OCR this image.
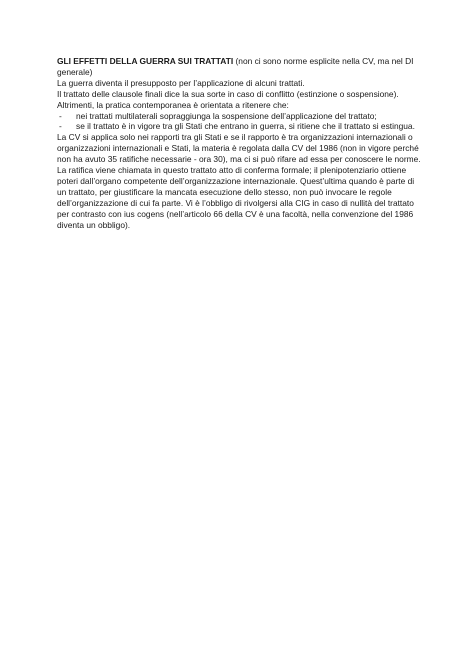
GLI EFFETTI DELLA GUERRA SUI TRATTATI (non ci sono norme esplicite nella CV, ma nel DI generale)

La guerra diventa il presupposto per l’applicazione di alcuni trattati.

Il trattato delle clausole finali dice la sua sorte in caso di conflitto (estinzione o sospensione).

Altrimenti, la pratica contemporanea è orientata a ritenere che:

- nei trattati multilaterali sopraggiunga la sospensione dell’applicazione del trattato;
- se il trattato è in vigore tra gli Stati che entrano in guerra, si ritiene che il trattato si estingua.

La CV si applica solo nei rapporti tra gli Stati e se il rapporto è tra organizzazioni internazionali o organizzazioni internazionali e Stati, la materia è regolata dalla CV del 1986 (non in vigore perché non ha avuto 35 ratifiche necessarie - ora 30), ma ci si può rifare ad essa per conoscere le norme.

La ratifica viene chiamata in questo trattato atto di conferma formale; il plenipotenziario ottiene poteri dall’organo competente dell’organizzazione internazionale. Quest’ultima quando è parte di un trattato, per giustificare la mancata esecuzione dello stesso, non può invocare le regole dell’organizzazione di cui fa parte. Vi è l’obbligo di rivolgersi alla CIG in caso di nullità del trattato per contrasto con ius cogens (nell’articolo 66 della CV è una facoltà, nella convenzione del 1986 diventa un obbligo).
